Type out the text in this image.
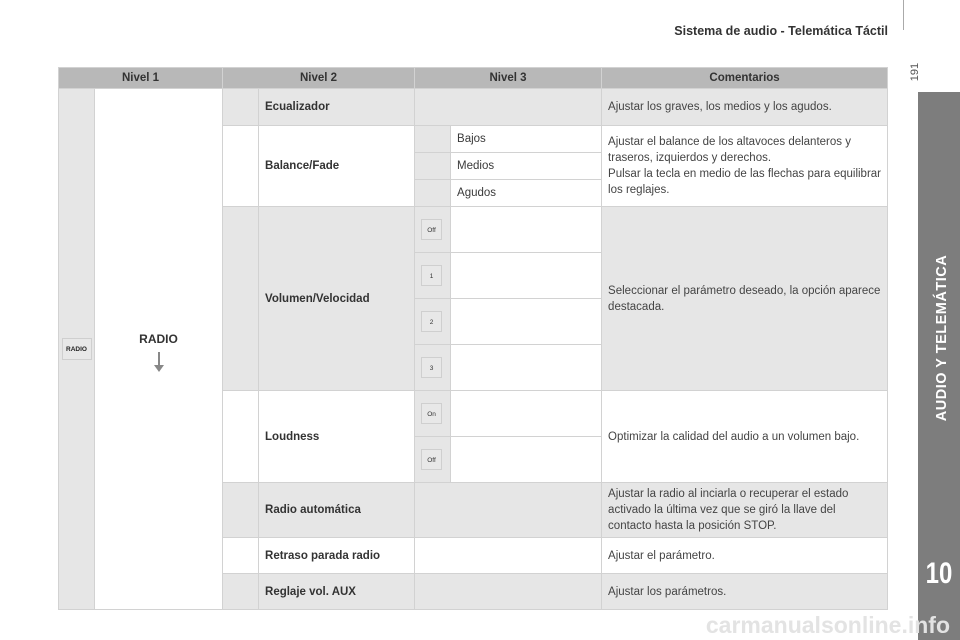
Sistema de audio - Telemática Táctil
191
AUDIO Y TELEMÁTICA
10
carmanualsonline.info
Nivel 1		Nivel 2		Nivel 3		Comentarios
RADIO	RADIO		Ecualizador			Ajustar los graves, los medios y los agudos.
			Balance/Fade		Bajos	Ajustar el balance de los altavoces delanteros y traseros, izquierdos y derechos.
Pulsar la tecla en medio de las flechas para equilibrar los reglajes.
					Medios	
					Agudos	
			Volumen/Velocidad	Off		Seleccionar el parámetro deseado, la opción aparece destacada.
				1		
				2		
				3		
			Loudness	On		Optimizar la calidad del audio a un volumen bajo.
				Off		
			Radio automática			Ajustar la radio al inciarla o recuperar el estado activado la última vez que se giró la llave del contacto hasta la posición STOP.
			Retraso parada radio			Ajustar el parámetro.
			Reglaje vol. AUX			Ajustar los parámetros.
